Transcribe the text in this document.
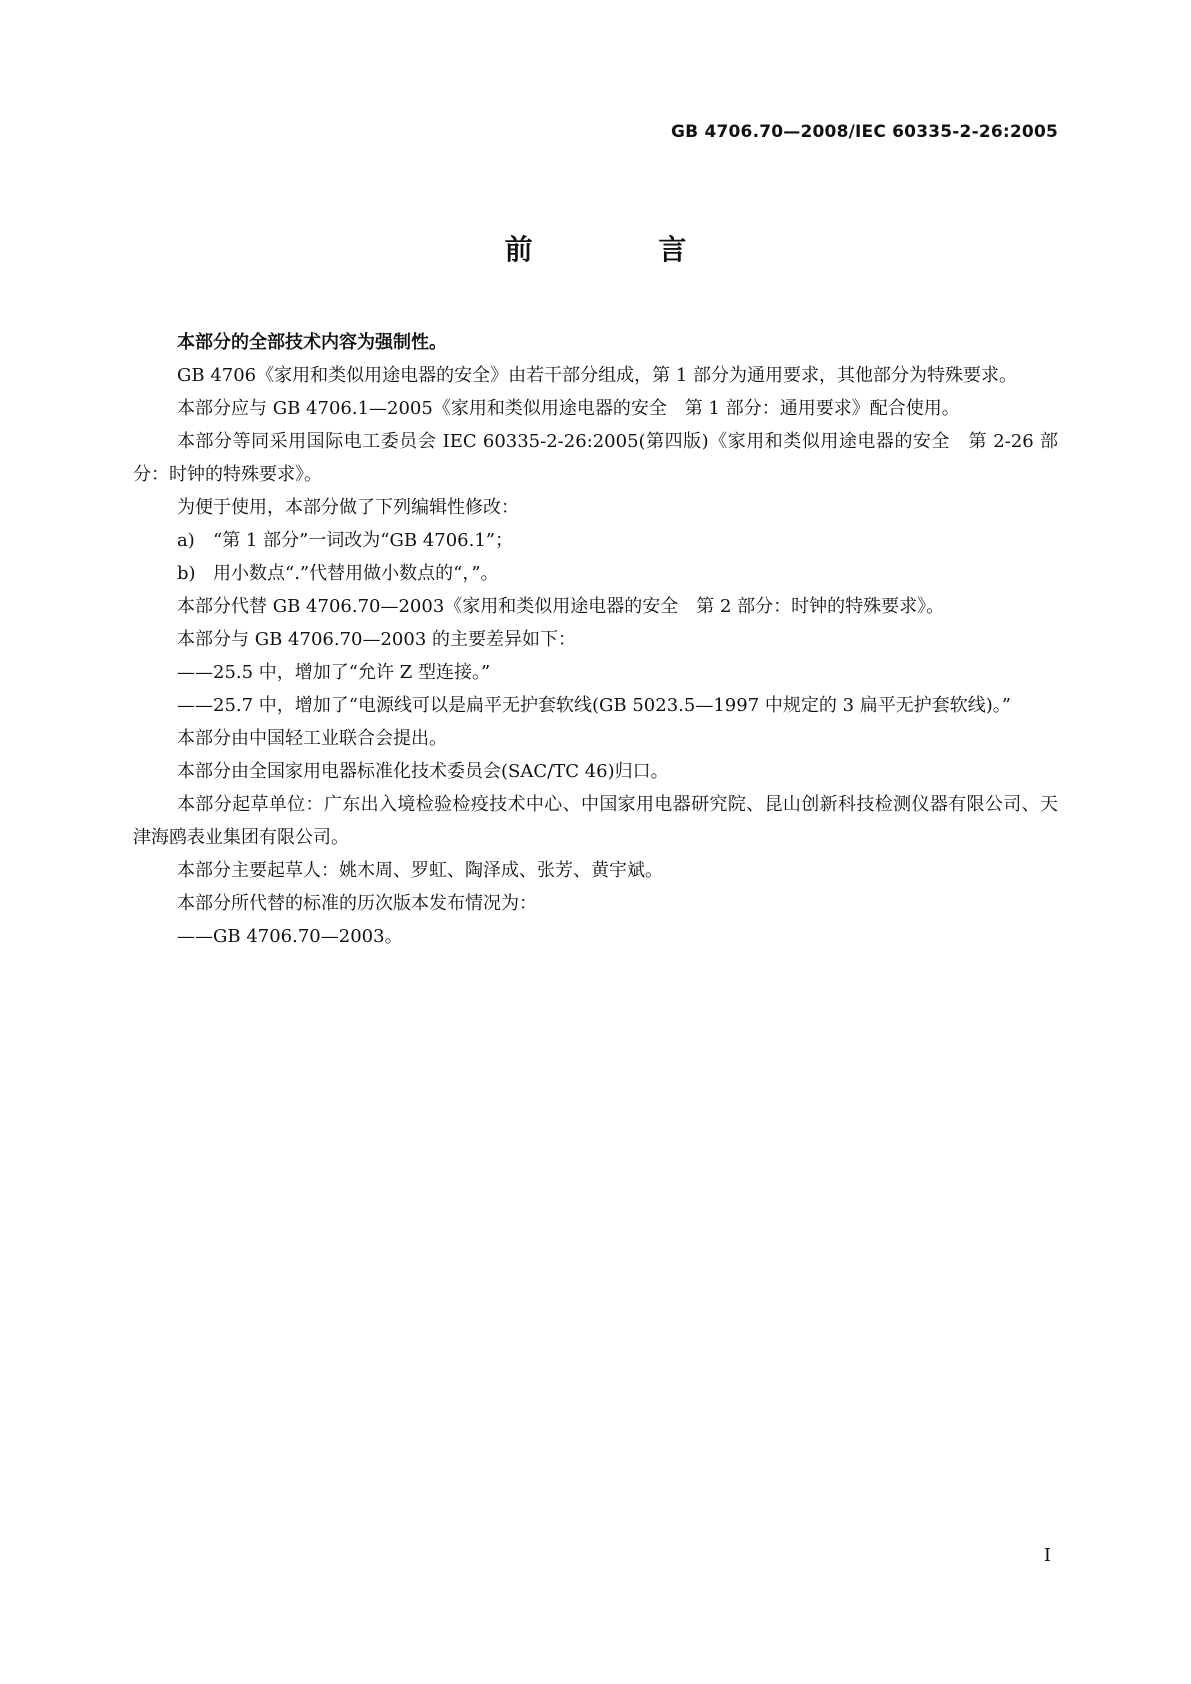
GB 4706.70—2008/IEC 60335-2-26:2005
前 言

本部分的全部技术内容为强制性。

GB 4706《家用和类似用途电器的安全》由若干部分组成，第 1 部分为通用要求，其他部分为特殊要求。

本部分应与 GB 4706.1—2005《家用和类似用途电器的安全　第 1 部分：通用要求》配合使用。

本部分等同采用国际电工委员会 IEC 60335-2-26:2005(第四版)《家用和类似用途电器的安全　第 2-26 部分：时钟的特殊要求》。

为便于使用，本部分做了下列编辑性修改：

a)	“第 1 部分”一词改为“GB 4706.1”；
b) 用小数点“.”代替用做小数点的“，”。

本部分代替 GB 4706.70—2003《家用和类似用途电器的安全　第 2 部分：时钟的特殊要求》。

本部分与 GB 4706.70—2003 的主要差异如下：

——25.5 中，增加了“允许 Z 型连接。”

——25.7 中，增加了“电源线可以是扁平无护套软线(GB 5023.5—1997 中规定的 3 扁平无护套软线)。”

本部分由中国轻工业联合会提出。

本部分由全国家用电器标准化技术委员会(SAC/TC 46)归口。

本部分起草单位：广东出入境检验检疫技术中心、中国家用电器研究院、昆山创新科技检测仪器有限公司、天津海鸥表业集团有限公司。

本部分主要起草人：姚木周、罗虹、陶泽成、张芳、黄宇斌。

本部分所代替的标准的历次版本发布情况为：

——GB 4706.70—2003。

I
